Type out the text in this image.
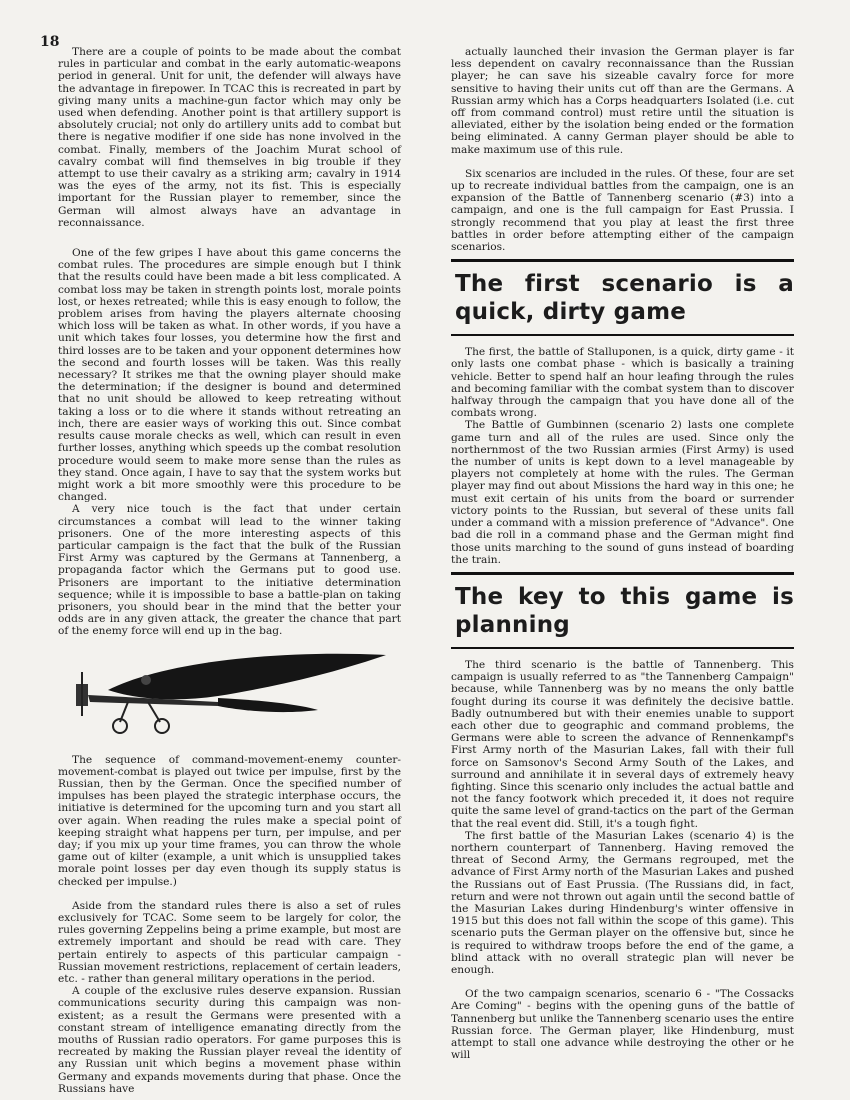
18

There are a couple of points to be made about the combat rules in particular and combat in the early automatic-weapons period in general. Unit for unit, the defender will always have the advantage in firepower. In TCAC this is recreated in part by giving many units a machine-gun factor which may only be used when defending. Another point is that artillery support is absolutely crucial; not only do artillery units add to combat but there is negative modifier if one side has none involved in the combat. Finally, members of the Joachim Murat school of cavalry combat will find themselves in big trouble if they attempt to use their cavalry as a striking arm; cavalry in 1914 was the eyes of the army, not its fist. This is especially important for the Russian player to remember, since the German will almost always have an advantage in reconnaissance.

One of the few gripes I have about this game concerns the combat rules. The procedures are simple enough but I think that the results could have been made a bit less complicated. A combat loss may be taken in strength points lost, morale points lost, or hexes retreated; while this is easy enough to follow, the problem arises from having the players alternate choosing which loss will be taken as what. In other words, if you have a unit which takes four losses, you determine how the first and third losses are to be taken and your opponent determines how the second and fourth losses will be taken. Was this really necessary? It strikes me that the owning player should make the determination; if the designer is bound and determined that no unit should be allowed to keep retreating without taking a loss or to die where it stands without retreating an inch, there are easier ways of working this out. Since combat results cause morale checks as well, which can result in even further losses, anything which speeds up the combat resolution procedure would seem to make more sense than the rules as they stand. Once again, I have to say that the system works but might work a bit more smoothly were this procedure to be changed.

A very nice touch is the fact that under certain circumstances a combat will lead to the winner taking prisoners. One of the more interesting aspects of this particular campaign is the fact that the bulk of the Russian First Army was captured by the Germans at Tannenberg, a propaganda factor which the Germans put to good use. Prisoners are important to the initiative determination sequence; while it is impossible to base a battle-plan on taking prisoners, you should bear in the mind that the better your odds are in any given attack, the greater the chance that part of the enemy force will end up in the bag.

The sequence of command-movement-enemy counter-movement-combat is played out twice per impulse, first by the Russian, then by the German. Once the specified number of impulses has been played the strategic interphase occurs, the initiative is determined for the upcoming turn and you start all over again. When reading the rules make a special point of keeping straight what happens per turn, per impulse, and per day; if you mix up your time frames, you can throw the whole game out of kilter (example, a unit which is unsupplied takes morale point losses per day even though its supply status is checked per impulse.)

Aside from the standard rules there is also a set of rules exclusively for TCAC. Some seem to be largely for color, the rules governing Zeppelins being a prime example, but most are extremely important and should be read with care. They pertain entirely to aspects of this particular campaign - Russian movement restrictions, replacement of certain leaders, etc. - rather than general military operations in the period.

A couple of the exclusive rules deserve expansion. Russian communications security during this campaign was non-existent; as a result the Germans were presented with a constant stream of intelligence emanating directly from the mouths of Russian radio operators. For game purposes this is recreated by making the Russian player reveal the identity of any Russian unit which begins a movement phase within Germany and expands movements during that phase. Once the Russians have

actually launched their invasion the German player is far less dependent on cavalry reconnaissance than the Russian player; he can save his sizeable cavalry force for more sensitive to having their units cut off than are the Germans. A Russian army which has a Corps headquarters Isolated (i.e. cut off from command control) must retire until the situation is alleviated, either by the isolation being ended or the formation being eliminated. A canny German player should be able to make maximum use of this rule.

Six scenarios are included in the rules. Of these, four are set up to recreate individual battles from the campaign, one is an expansion of the Battle of Tannenberg scenario (#3) into a campaign, and one is the full campaign for East Prussia. I strongly recommend that you play at least the first three battles in order before attempting either of the campaign scenarios.

The first scenario is a quick, dirty game

The first, the battle of Stalluponen, is a quick, dirty game - it only lasts one combat phase - which is basically a training vehicle. Better to spend half an hour leafing through the rules and becoming familiar with the combat system than to discover halfway through the campaign that you have done all of the combats wrong.

The Battle of Gumbinnen (scenario 2) lasts one complete game turn and all of the rules are used. Since only the northernmost of the two Russian armies (First Army) is used the number of units is kept down to a level manageable by players not completely at home with the rules. The German player may find out about Missions the hard way in this one; he must exit certain of his units from the board or surrender victory points to the Russian, but several of these units fall under a command with a mission preference of "Advance". One bad die roll in a command phase and the German might find those units marching to the sound of guns instead of boarding the train.

The key to this game is planning

The third scenario is the battle of Tannenberg. This campaign is usually referred to as "the Tannenberg Campaign" because, while Tannenberg was by no means the only battle fought during its course it was definitely the decisive battle. Badly outnumbered but with their enemies unable to support each other due to geographic and command problems, the Germans were able to screen the advance of Rennenkampf's First Army north of the Masurian Lakes, fall with their full force on Samsonov's Second Army South of the Lakes, and surround and annihilate it in several days of extremely heavy fighting. Since this scenario only includes the actual battle and not the fancy footwork which preceded it, it does not require quite the same level of grand-tactics on the part of the German that the real event did. Still, it's a tough fight.

The first battle of the Masurian Lakes (scenario 4) is the northern counterpart of Tannenberg. Having removed the threat of Second Army, the Germans regrouped, met the advance of First Army north of the Masurian Lakes and pushed the Russians out of East Prussia. (The Russians did, in fact, return and were not thrown out again until the second battle of the Masurian Lakes during Hindenburg's winter offensive in 1915 but this does not fall within the scope of this game). This scenario puts the German player on the offensive but, since he is required to withdraw troops before the end of the game, a blind attack with no overall strategic plan will never be enough.

Of the two campaign scenarios, scenario 6 - "The Cossacks Are Coming" - begins with the opening guns of the battle of Tannenberg but unlike the Tannenberg scenario uses the entire Russian force. The German player, like Hindenburg, must attempt to stall one advance while destroying the other or he will
